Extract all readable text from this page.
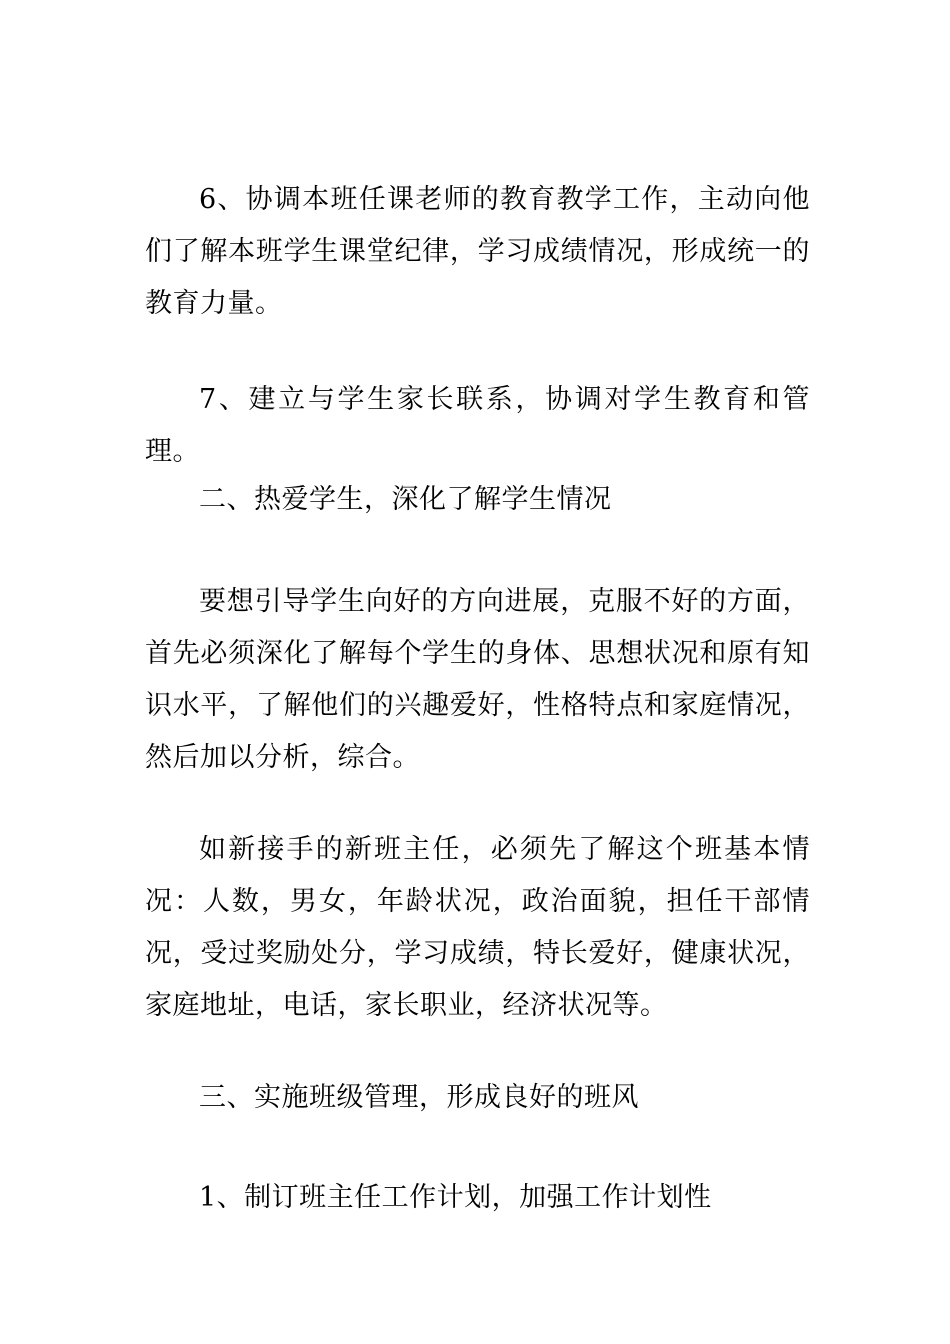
6、协调本班任课老师的教育教学工作，主动向他们了解本班学生课堂纪律，学习成绩情况，形成统一的教育力量。

7、建立与学生家长联系，协调对学生教育和管理。

二、热爱学生，深化了解学生情况

要想引导学生向好的方向进展，克服不好的方面，首先必须深化了解每个学生的身体、思想状况和原有知识水平，了解他们的兴趣爱好，性格特点和家庭情况，然后加以分析，综合。

如新接手的新班主任，必须先了解这个班基本情况：人数，男女，年龄状况，政治面貌，担任干部情况，受过奖励处分，学习成绩，特长爱好，健康状况，家庭地址，电话，家长职业，经济状况等。

三、实施班级管理，形成良好的班风

1、制订班主任工作计划，加强工作计划性
